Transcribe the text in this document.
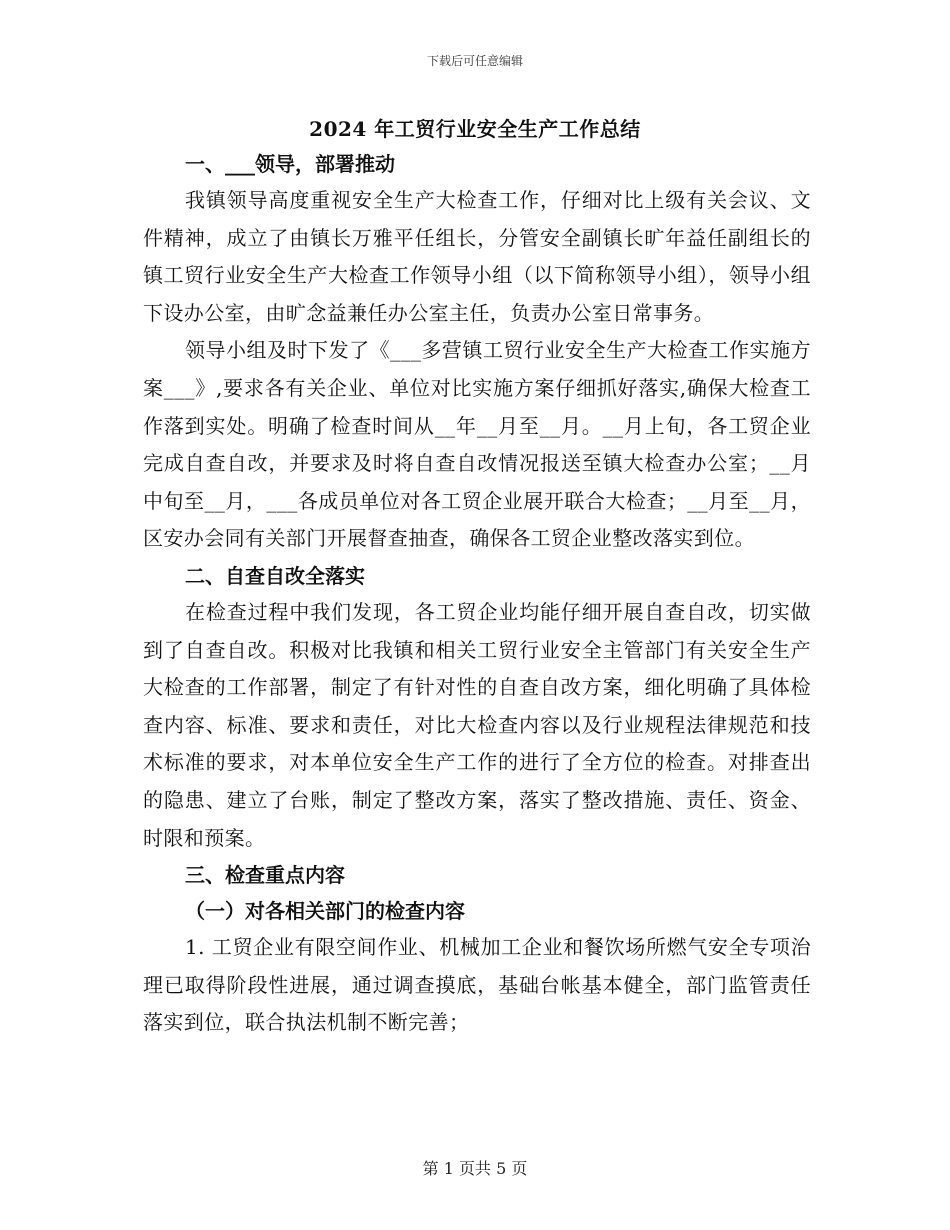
下载后可任意编辑
2024 年工贸行业安全生产工作总结

一、___领导，部署推动

我镇领导高度重视安全生产大检查工作，仔细对比上级有关会议、文件精神，成立了由镇长万雅平任组长，分管安全副镇长旷年益任副组长的镇工贸行业安全生产大检查工作领导小组（以下简称领导小组），领导小组下设办公室，由旷念益兼任办公室主任，负责办公室日常事务。

领导小组及时下发了《___多营镇工贸行业安全生产大检查工作实施方案___》,要求各有关企业、单位对比实施方案仔细抓好落实,确保大检查工作落到实处。明确了检查时间从__年__月至__月。__月上旬，各工贸企业完成自查自改，并要求及时将自查自改情况报送至镇大检查办公室；__月中旬至__月，___各成员单位对各工贸企业展开联合大检查；__月至__月，区安办会同有关部门开展督查抽查，确保各工贸企业整改落实到位。

二、自查自改全落实

在检查过程中我们发现，各工贸企业均能仔细开展自查自改，切实做到了自查自改。积极对比我镇和相关工贸行业安全主管部门有关安全生产大检查的工作部署，制定了有针对性的自查自改方案，细化明确了具体检查内容、标准、要求和责任，对比大检查内容以及行业规程法律规范和技术标准的要求，对本单位安全生产工作的进行了全方位的检查。对排查出的隐患、建立了台账，制定了整改方案，落实了整改措施、责任、资金、时限和预案。

三、检查重点内容

（一）对各相关部门的检查内容

1. 工贸企业有限空间作业、机械加工企业和餐饮场所燃气安全专项治理已取得阶段性进展，通过调查摸底，基础台帐基本健全，部门监管责任落实到位，联合执法机制不断完善；

第 1 页共 5 页
